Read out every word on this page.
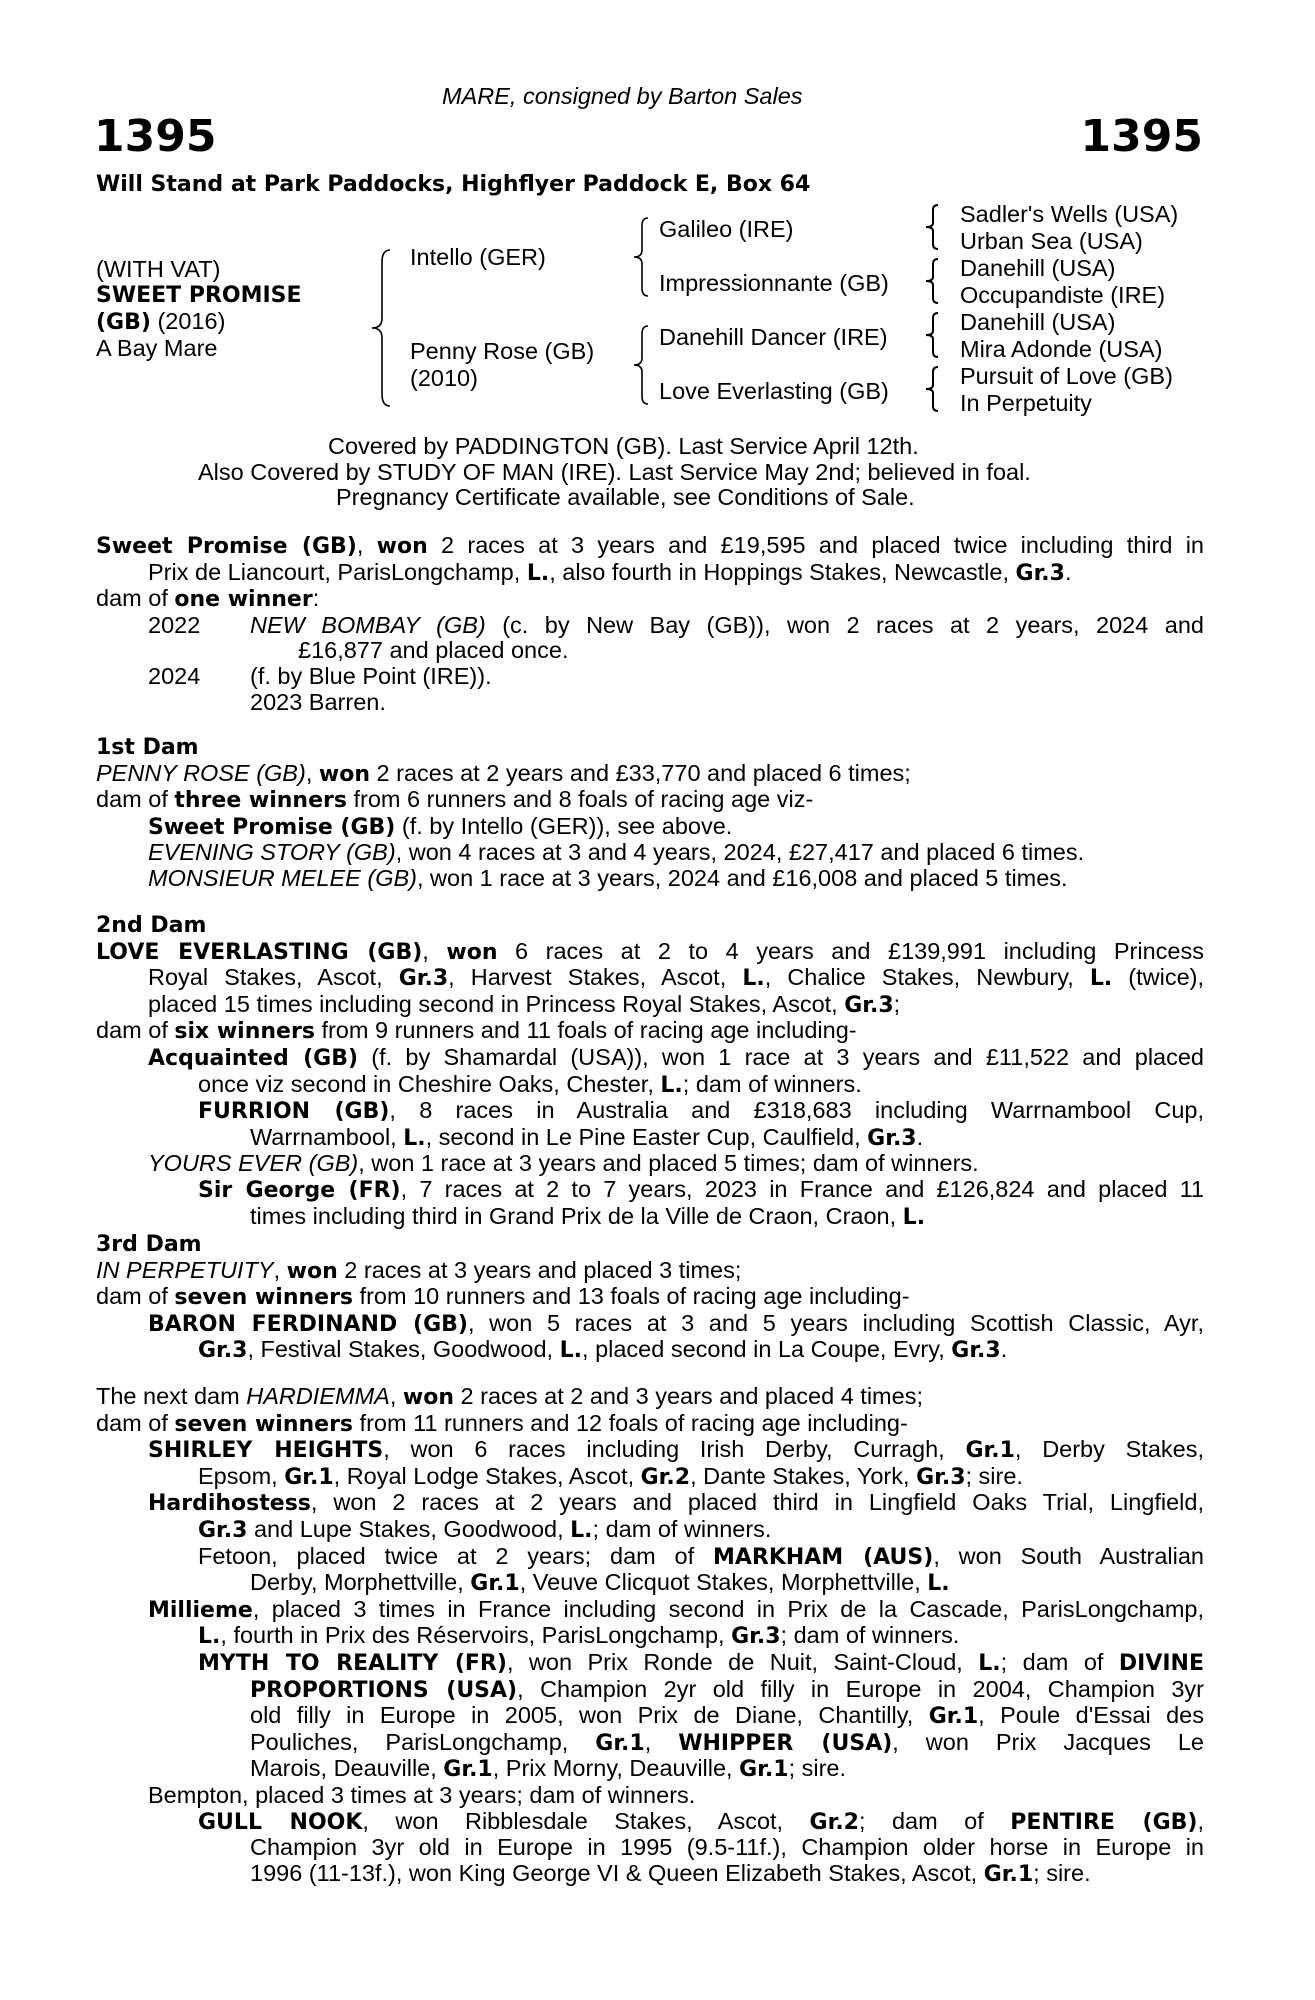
MARE, consigned by Barton Sales
1395	1395
Will Stand at Park Paddocks, Highflyer Paddock E, Box 64
(WITH VAT)
SWEET PROMISE
(GB) (2016)
A Bay Mare
Intello (GER)
Penny Rose (GB)
(2010)
Galileo (IRE)
Impressionnante (GB)
Danehill Dancer (IRE)
Love Everlasting (GB)
Sadler's Wells (USA)
Urban Sea (USA)
Danehill (USA)
Occupandiste (IRE)
Danehill (USA)
Mira Adonde (USA)
Pursuit of Love (GB)
In Perpetuity
Covered by PADDINGTON (GB). Last Service April 12th.
Also Covered by STUDY OF MAN (IRE). Last Service May 2nd; believed in foal.
Pregnancy Certificate available, see Conditions of Sale.
Sweet Promise (GB), won 2 races at 3 years and £19,595 and placed twice including third in
Prix de Liancourt, ParisLongchamp, L., also fourth in Hoppings Stakes, Newcastle, Gr.3.
dam of one winner:
2022	NEW BOMBAY (GB) (c. by New Bay (GB)), won 2 races at 2 years, 2024 and
£16,877 and placed once.
2024	(f. by Blue Point (IRE)).
2023 Barren.
1st Dam
PENNY ROSE (GB), won 2 races at 2 years and £33,770 and placed 6 times;
dam of three winners from 6 runners and 8 foals of racing age viz-
Sweet Promise (GB) (f. by Intello (GER)), see above.
EVENING STORY (GB), won 4 races at 3 and 4 years, 2024, £27,417 and placed 6 times.
MONSIEUR MELEE (GB), won 1 race at 3 years, 2024 and £16,008 and placed 5 times.
2nd Dam
LOVE EVERLASTING (GB), won 6 races at 2 to 4 years and £139,991 including Princess
Royal Stakes, Ascot, Gr.3, Harvest Stakes, Ascot, L., Chalice Stakes, Newbury, L. (twice),
placed 15 times including second in Princess Royal Stakes, Ascot, Gr.3;
dam of six winners from 9 runners and 11 foals of racing age including-
Acquainted (GB) (f. by Shamardal (USA)), won 1 race at 3 years and £11,522 and placed
once viz second in Cheshire Oaks, Chester, L.; dam of winners.
FURRION (GB), 8 races in Australia and £318,683 including Warrnambool Cup,
Warrnambool, L., second in Le Pine Easter Cup, Caulfield, Gr.3.
YOURS EVER (GB), won 1 race at 3 years and placed 5 times; dam of winners.
Sir George (FR), 7 races at 2 to 7 years, 2023 in France and £126,824 and placed 11
times including third in Grand Prix de la Ville de Craon, Craon, L.
3rd Dam
IN PERPETUITY, won 2 races at 3 years and placed 3 times;
dam of seven winners from 10 runners and 13 foals of racing age including-
BARON FERDINAND (GB), won 5 races at 3 and 5 years including Scottish Classic, Ayr,
Gr.3, Festival Stakes, Goodwood, L., placed second in La Coupe, Evry, Gr.3.
The next dam HARDIEMMA, won 2 races at 2 and 3 years and placed 4 times;
dam of seven winners from 11 runners and 12 foals of racing age including-
SHIRLEY HEIGHTS, won 6 races including Irish Derby, Curragh, Gr.1, Derby Stakes,
Epsom, Gr.1, Royal Lodge Stakes, Ascot, Gr.2, Dante Stakes, York, Gr.3; sire.
Hardihostess, won 2 races at 2 years and placed third in Lingfield Oaks Trial, Lingfield,
Gr.3 and Lupe Stakes, Goodwood, L.; dam of winners.
Fetoon, placed twice at 2 years; dam of MARKHAM (AUS), won South Australian
Derby, Morphettville, Gr.1, Veuve Clicquot Stakes, Morphettville, L.
Millieme, placed 3 times in France including second in Prix de la Cascade, ParisLongchamp,
L., fourth in Prix des Réservoirs, ParisLongchamp, Gr.3; dam of winners.
MYTH TO REALITY (FR), won Prix Ronde de Nuit, Saint-Cloud, L.; dam of DIVINE
PROPORTIONS (USA), Champion 2yr old filly in Europe in 2004, Champion 3yr
old filly in Europe in 2005, won Prix de Diane, Chantilly, Gr.1, Poule d'Essai des
Pouliches, ParisLongchamp, Gr.1, WHIPPER (USA), won Prix Jacques Le
Marois, Deauville, Gr.1, Prix Morny, Deauville, Gr.1; sire.
Bempton, placed 3 times at 3 years; dam of winners.
GULL NOOK, won Ribblesdale Stakes, Ascot, Gr.2; dam of PENTIRE (GB),
Champion 3yr old in Europe in 1995 (9.5-11f.), Champion older horse in Europe in
1996 (11-13f.), won King George VI & Queen Elizabeth Stakes, Ascot, Gr.1; sire.
